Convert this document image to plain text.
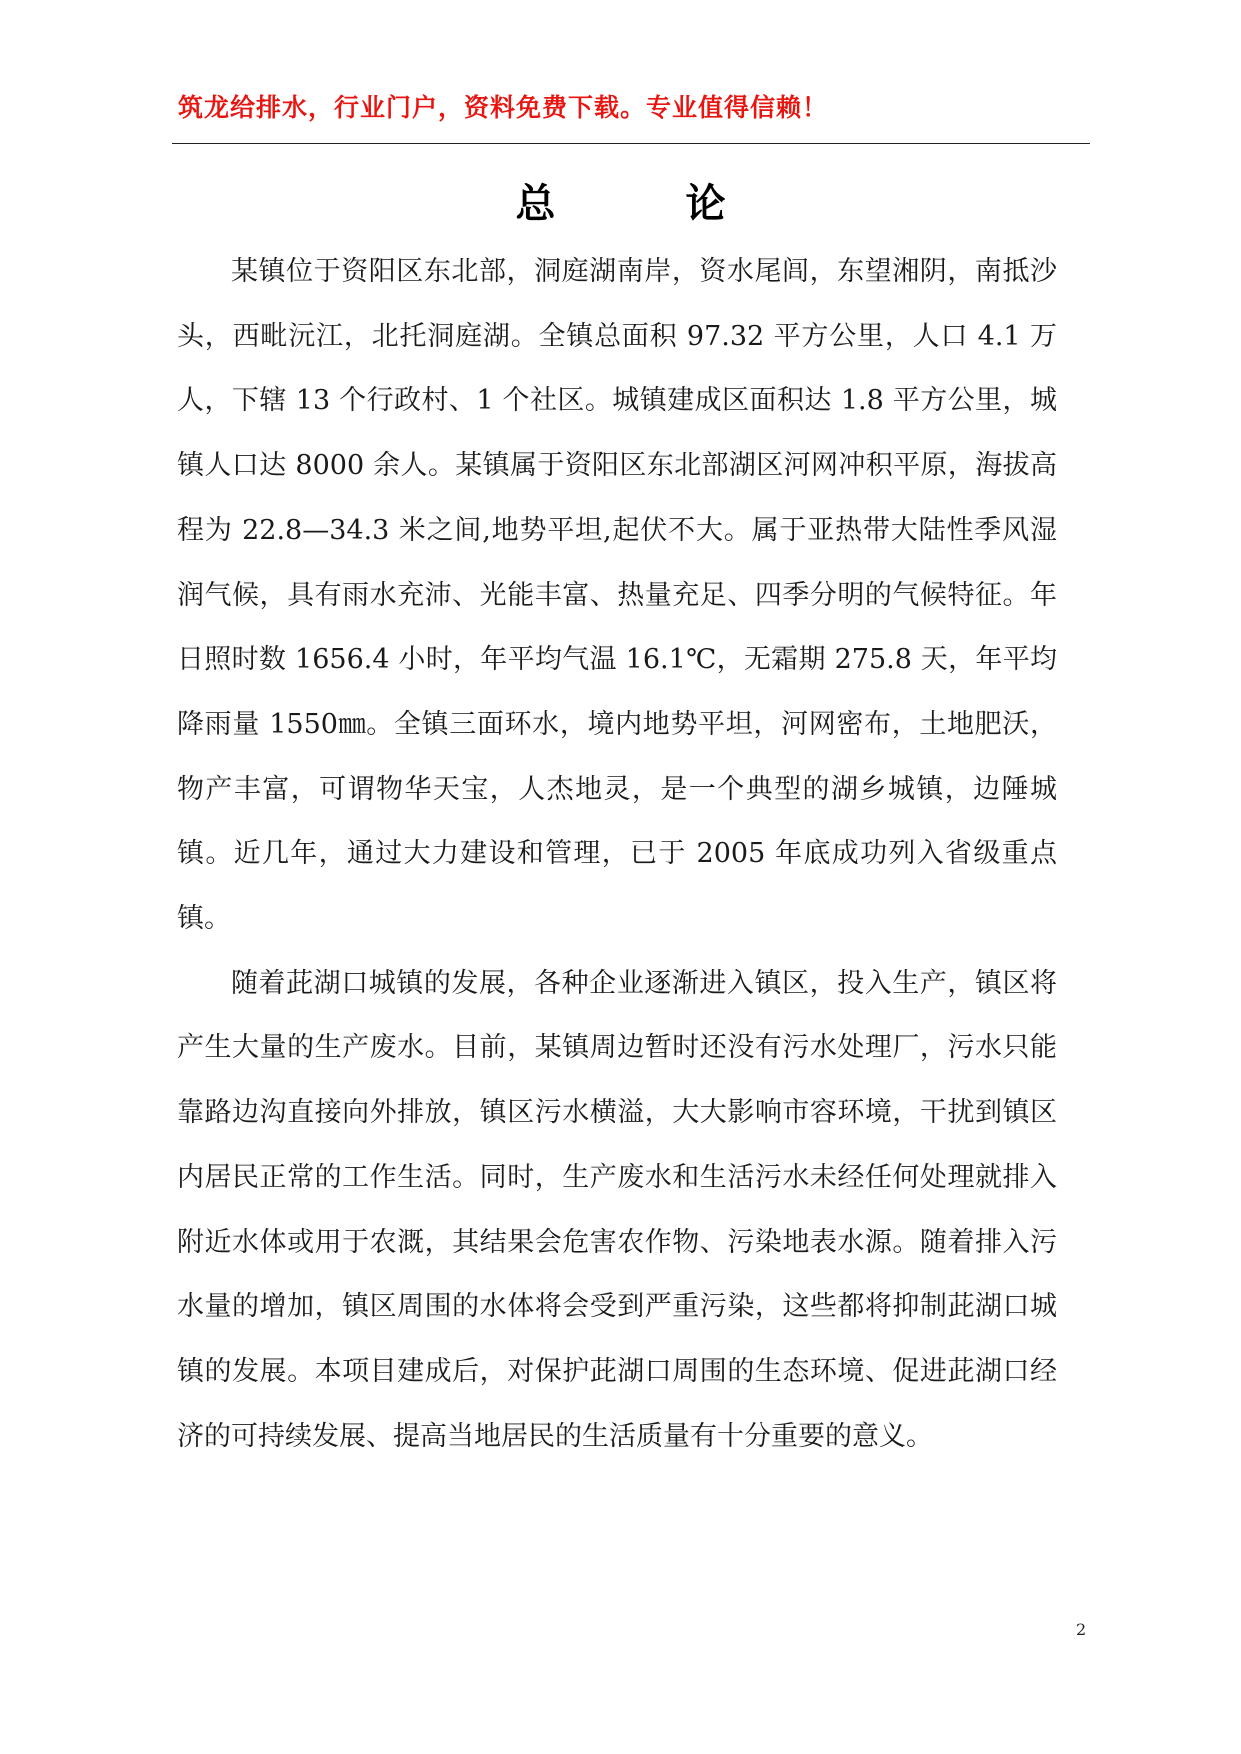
筑龙给排水，行业门户，资料免费下载。专业值得信赖！
总	论

某镇位于资阳区东北部，洞庭湖南岸，资水尾闾，东望湘阴，南抵沙头，西毗沅江，北托洞庭湖。全镇总面积 97.32 平方公里，人口 4.1 万人，下辖 13 个行政村、1 个社区。城镇建成区面积达 1.8 平方公里，城镇人口达 8000 余人。某镇属于资阳区东北部湖区河网冲积平原，海拔高程为 22.8—34.3 米之间,地势平坦,起伏不大。属于亚热带大陆性季风湿润气候，具有雨水充沛、光能丰富、热量充足、四季分明的气候特征。年日照时数 1656.4 小时，年平均气温 16.1℃，无霜期 275.8 天，年平均降雨量 1550㎜。全镇三面环水，境内地势平坦，河网密布，土地肥沃，物产丰富，可谓物华天宝，人杰地灵，是一个典型的湖乡城镇，边陲城镇。近几年，通过大力建设和管理，已于 2005 年底成功列入省级重点镇。

随着茈湖口城镇的发展，各种企业逐渐进入镇区，投入生产，镇区将产生大量的生产废水。目前，某镇周边暂时还没有污水处理厂，污水只能靠路边沟直接向外排放，镇区污水横溢，大大影响市容环境，干扰到镇区内居民正常的工作生活。同时，生产废水和生活污水未经任何处理就排入附近水体或用于农溉，其结果会危害农作物、污染地表水源。随着排入污水量的增加，镇区周围的水体将会受到严重污染，这些都将抑制茈湖口城镇的发展。本项目建成后，对保护茈湖口周围的生态环境、促进茈湖口经济的可持续发展、提高当地居民的生活质量有十分重要的意义。

2
